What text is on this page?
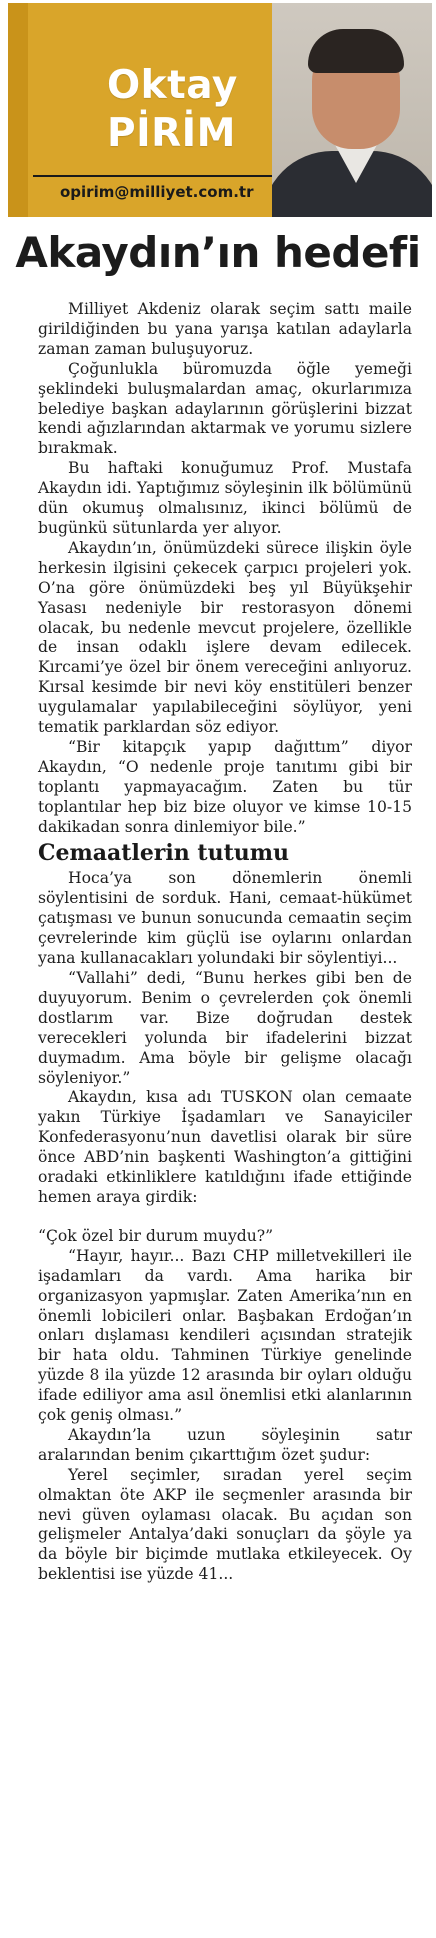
Oktay
PİRİM
opirim@milliyet.com.tr
Akaydın’ın hedefi

Milliyet Akdeniz olarak seçim sattı maile girildiğinden bu yana yarışa katılan adaylarla zaman zaman buluşuyoruz.

Çoğunlukla büromuzda öğle yemeği şeklindeki buluşmalardan amaç, okurlarımıza belediye başkan adaylarının görüşlerini bizzat kendi ağızlarından aktarmak ve yorumu sizlere bırakmak.

Bu haftaki konuğumuz Prof. Mustafa Akaydın idi. Yaptığımız söyleşinin ilk bölümünü dün okumuş olmalısınız, ikinci bölümü de bugünkü sütunlarda yer alıyor.

Akaydın’ın, önümüzdeki sürece ilişkin öyle herkesin ilgisini çekecek çarpıcı projeleri yok. O’na göre önümüzdeki beş yıl Büyükşehir Yasası nedeniyle bir restorasyon dönemi olacak, bu nedenle mevcut projelere, özellikle de insan odaklı işlere devam edilecek. Kırcami’ye özel bir önem vereceğini anlıyoruz. Kırsal kesimde bir nevi köy enstitüleri benzer uygulamalar yapılabileceğini söylüyor, yeni tematik parklardan söz ediyor.

“Bir kitapçık yapıp dağıttım” diyor Akaydın, “O nedenle proje tanıtımı gibi bir toplantı yapmayacağım. Zaten bu tür toplantılar hep biz bize oluyor ve kimse 10-15 dakikadan sonra dinlemiyor bile.”

Cemaatlerin tutumu

Hoca’ya son dönemlerin önemli söylentisini de sorduk. Hani, cemaat-hükümet çatışması ve bunun sonucunda cemaatin seçim çevrelerinde kim güçlü ise oylarını onlardan yana kullanacakları yolundaki bir söylentiyi...

“Vallahi” dedi, “Bunu herkes gibi ben de duyuyorum. Benim o çevrelerden çok önemli dostlarım var. Bize doğrudan destek verecekleri yolunda bir ifadelerini bizzat duymadım. Ama böyle bir gelişme olacağı söyleniyor.”

Akaydın, kısa adı TUSKON olan cemaate yakın Türkiye İşadamları ve Sanayiciler Konfederasyonu’nun davetlisi olarak bir süre önce ABD’nin başkenti Washington’a gittiğini oradaki etkinliklere katıldığını ifade ettiğinde hemen araya girdik:

“Çok özel bir durum muydu?”

“Hayır, hayır... Bazı CHP milletvekilleri ile işadamları da vardı. Ama harika bir organizasyon yapmışlar. Zaten Amerika’nın en önemli lobicileri onlar. Başbakan Erdoğan’ın onları dışlaması kendileri açısından stratejik bir hata oldu. Tahminen Türkiye genelinde yüzde 8 ila yüzde 12 arasında bir oyları olduğu ifade ediliyor ama asıl önemlisi etki alanlarının çok geniş olması.”

Akaydın’la uzun söyleşinin satır aralarından benim çıkarttığım özet şudur:

Yerel seçimler, sıradan yerel seçim olmaktan öte AKP ile seçmenler arasında bir nevi güven oylaması olacak. Bu açıdan son gelişmeler Antalya’daki sonuçları da şöyle ya da böyle bir biçimde mutlaka etkileyecek. Oy beklentisi ise yüzde 41...
